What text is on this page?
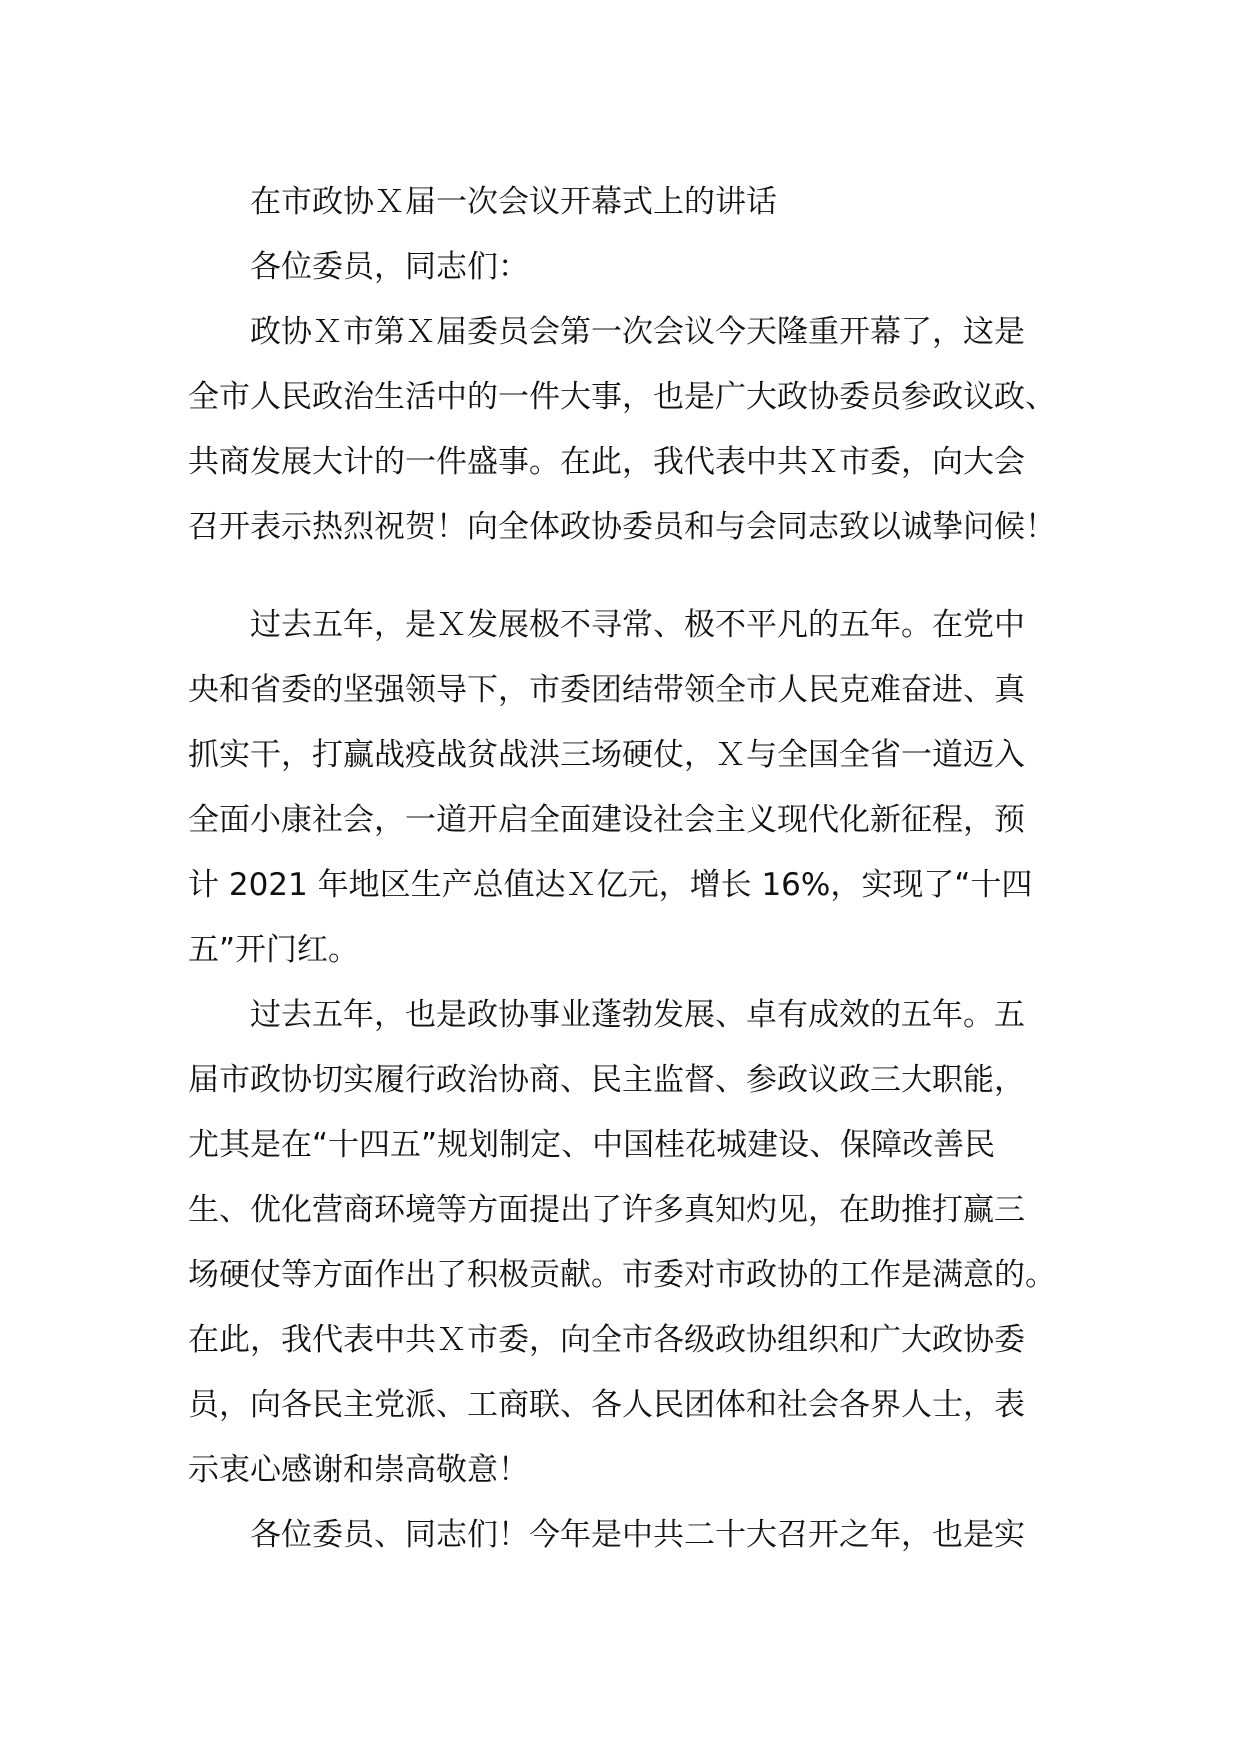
在市政协Ｘ届一次会议开幕式上的讲话
各位委员，同志们：
政协Ｘ市第Ｘ届委员会第一次会议今天隆重开幕了，这是
全市人民政治生活中的一件大事，也是广大政协委员参政议政、
共商发展大计的一件盛事。在此，我代表中共Ｘ市委，向大会
召开表示热烈祝贺！向全体政协委员和与会同志致以诚挚问候！
过去五年，是Ｘ发展极不寻常、极不平凡的五年。在党中
央和省委的坚强领导下，市委团结带领全市人民克难奋进、真
抓实干，打赢战疫战贫战洪三场硬仗，Ｘ与全国全省一道迈入
全面小康社会，一道开启全面建设社会主义现代化新征程，预
计 2021 年地区生产总值达Ｘ亿元，增长 16%，实现了“十四
五”开门红。
过去五年，也是政协事业蓬勃发展、卓有成效的五年。五
届市政协切实履行政治协商、民主监督、参政议政三大职能，
尤其是在“十四五”规划制定、中国桂花城建设、保障改善民
生、优化营商环境等方面提出了许多真知灼见，在助推打赢三
场硬仗等方面作出了积极贡献。市委对市政协的工作是满意的。
在此，我代表中共Ｘ市委，向全市各级政协组织和广大政协委
员，向各民主党派、工商联、各人民团体和社会各界人士，表
示衷心感谢和崇高敬意！
各位委员、同志们！今年是中共二十大召开之年，也是实
